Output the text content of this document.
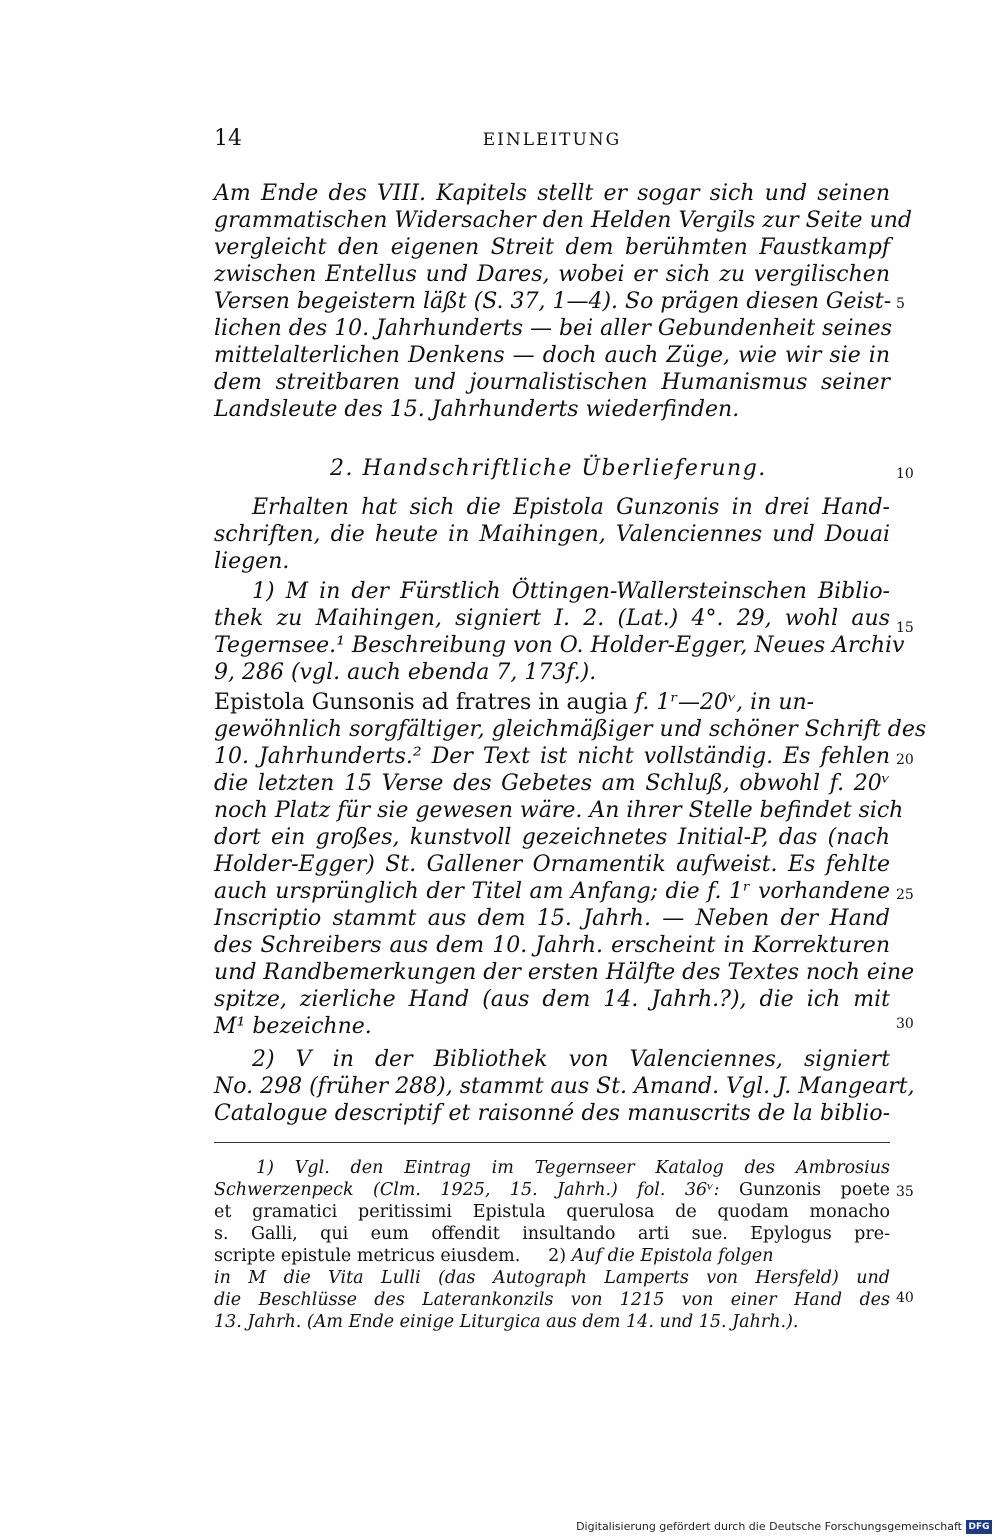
14	EINLEITUNG
Am Ende des VIII. Kapitels stellt er sogar sich und seinen
grammatischen Widersacher den Helden Vergils zur Seite und
vergleicht den eigenen Streit dem berühmten Faustkampf
zwischen Entellus und Dares, wobei er sich zu vergilischen
Versen begeistern läßt (S. 37, 1—4). So prägen diesen Geist-
lichen des 10. Jahrhunderts — bei aller Gebundenheit seines
mittelalterlichen Denkens — doch auch Züge, wie wir sie in
dem streitbaren und journalistischen Humanismus seiner
Landsleute des 15. Jahrhunderts wiederfinden.
2. Handschriftliche Überlieferung.
Erhalten hat sich die Epistola Gunzonis in drei Hand-
schriften, die heute in Maihingen, Valenciennes und Douai
liegen.
1) M in der Fürstlich Öttingen-Wallersteinschen Biblio-
thek zu Maihingen, signiert I. 2. (Lat.) 4°. 29, wohl aus
Tegernsee.¹ Beschreibung von O. Holder-Egger, Neues Archiv
9, 286 (vgl. auch ebenda 7, 173f.).
Epistola Gunsonis ad fratres in augia f. 1ʳ—20ᵛ, in un-
gewöhnlich sorgfältiger, gleichmäßiger und schöner Schrift des
10. Jahrhunderts.² Der Text ist nicht vollständig. Es fehlen
die letzten 15 Verse des Gebetes am Schluß, obwohl f. 20ᵛ
noch Platz für sie gewesen wäre. An ihrer Stelle befindet sich
dort ein großes, kunstvoll gezeichnetes Initial-P, das (nach
Holder-Egger) St. Gallener Ornamentik aufweist. Es fehlte
auch ursprünglich der Titel am Anfang; die f. 1ʳ vorhandene
Inscriptio stammt aus dem 15. Jahrh. — Neben der Hand
des Schreibers aus dem 10. Jahrh. erscheint in Korrekturen
und Randbemerkungen der ersten Hälfte des Textes noch eine
spitze, zierliche Hand (aus dem 14. Jahrh.?), die ich mit
M¹ bezeichne.
2) V in der Bibliothek von Valenciennes, signiert
No. 298 (früher 288), stammt aus St. Amand. Vgl. J. Mangeart,
Catalogue descriptif et raisonné des manuscrits de la biblio-
1) Vgl. den Eintrag im Tegernseer Katalog des Ambrosius
Schwerzenpeck (Clm. 1925, 15. Jahrh.) fol. 36ᵛ: Gunzonis poete
et gramatici peritissimi Epistula querulosa de quodam monacho
s. Galli, qui eum offendit insultando arti sue. Epylogus pre-
scripte epistule metricus eiusdem.     2) Auf die Epistola folgen
in M die Vita Lulli (das Autograph Lamperts von Hersfeld) und
die Beschlüsse des Laterankonzils von 1215 von einer Hand des
13. Jahrh. (Am Ende einige Liturgica aus dem 14. und 15. Jahrh.).
5
10
15
20
25
30
35
40
Digitalisierung gefördert durch die Deutsche Forschungsgemeinschaft DFG
